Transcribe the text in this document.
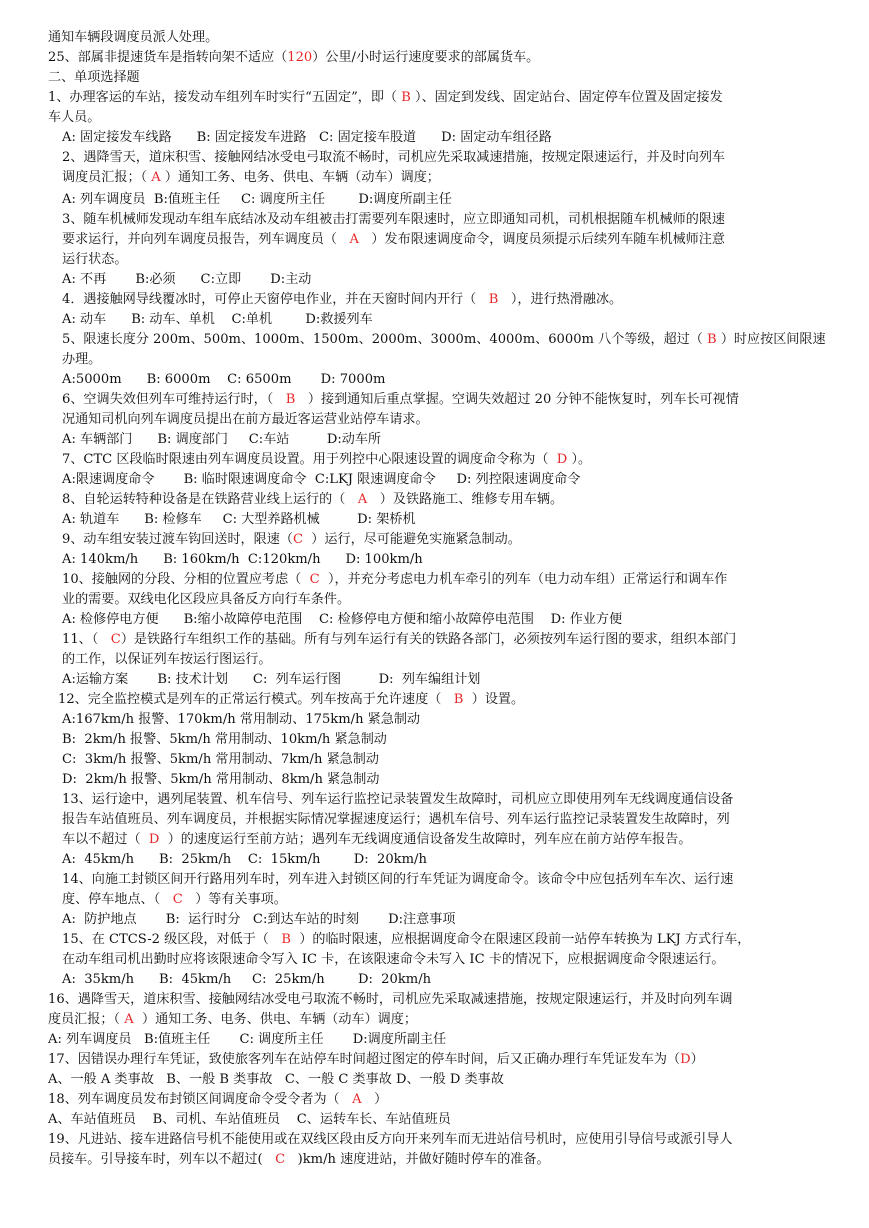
通知车辆段调度员派人处理。
25、部属非提速货车是指转向架不适应（120）公里/小时运行速度要求的部属货车。
二、单项选择题
1、办理客运的车站，接发动车组列车时实行“五固定”，即（ B ）、固定到发线、固定站台、固定停车位置及固定接发
车人员。
A: 固定接发车线路      B: 固定接发车进路   C: 固定接车股道      D: 固定动车组径路
2、遇降雪天，道床积雪、接触网结冰受电弓取流不畅时，司机应先采取减速措施，按规定限速运行，并及时向列车
调度员汇报；（ A ）通知工务、电务、供电、车辆（动车）调度；
A: 列车调度员  B:值班主任     C: 调度所主任        D:调度所副主任
3、随车机械师发现动车组车底结冰及动车组被击打需要列车限速时，应立即通知司机，司机根据随车机械师的限速
要求运行，并向列车调度员报告，列车调度员（   A   ）发布限速调度命令，调度员须提示后续列车随车机械师注意
运行状态。
A: 不再       B:必须      C:立即       D:主动
4．遇接触网导线覆冰时，可停止天窗停电作业，并在天窗时间内开行（   B   ），进行热滑融冰。
A: 动车      B: 动车、单机    C:单机        D:救援列车
5、限速长度分 200m、500m、1000m、1500m、2000m、3000m、4000m、6000m 八个等级，超过（ B ）时应按区间限速
办理。
A:5000m      B: 6000m    C: 6500m       D: 7000m
6、空调失效但列车可维持运行时，（   B   ）接到通知后重点掌握。空调失效超过 20 分钟不能恢复时，列车长可视情
况通知司机向列车调度员提出在前方最近客运营业站停车请求。
A: 车辆部门      B: 调度部门     C:车站         D:动车所
7、CTC 区段临时限速由列车调度员设置。用于列控中心限速设置的调度命令称为（  D ）。
A:限速调度命令       B: 临时限速调度命令  C:LKJ 限速调度命令     D: 列控限速调度命令
8、自轮运转特种设备是在铁路营业线上运行的（   A   ）及铁路施工、维修专用车辆。
A: 轨道车      B: 检修车     C: 大型养路机械         D: 架桥机
9、动车组安装过渡车钩回送时，限速（C  ）运行，尽可能避免实施紧急制动。
A: 140km/h      B: 160km/h  C:120km/h      D: 100km/h
10、接触网的分段、分相的位置应考虑（  C  ），并充分考虑电力机车牵引的列车（电力动车组）正常运行和调车作
业的需要。双线电化区段应具备反方向行车条件。
A: 检修停电方便      B:缩小故障停电范围    C: 检修停电方便和缩小故障停电范围    D: 作业方便
11、（   C）是铁路行车组织工作的基础。所有与列车运行有关的铁路各部门，必须按列车运行图的要求，组织本部门
的工作，以保证列车按运行图运行。
A:运输方案       B: 技术计划      C:  列车运行图         D:  列车编组计划
12、完全监控模式是列车的正常运行模式。列车按高于允许速度（   B  ）设置。
A:167km/h 报警、170km/h 常用制动、175km/h 紧急制动
B:  2km/h 报警、5km/h 常用制动、10km/h 紧急制动
C:  3km/h 报警、5km/h 常用制动、7km/h 紧急制动
D:  2km/h 报警、5km/h 常用制动、8km/h 紧急制动
13、运行途中，遇列尾装置、机车信号、列车运行监控记录装置发生故障时，司机应立即使用列车无线调度通信设备
报告车站值班员、列车调度员，并根据实际情况掌握速度运行；遇机车信号、列车运行监控记录装置发生故障时，列
车以不超过（  D  ）的速度运行至前方站；遇列车无线调度通信设备发生故障时，列车应在前方站停车报告。
A:  45km/h      B:  25km/h    C:  15km/h        D:  20km/h
14、向施工封锁区间开行路用列车时，列车进入封锁区间的行车凭证为调度命令。该命令中应包括列车车次、运行速
度、停车地点、（   C   ）等有关事项。
A:  防护地点       B:  运行时分   C:到达车站的时刻       D:注意事项
15、在 CTCS-2 级区段，对低于（   B  ）的临时限速，应根据调度命令在限速区段前一站停车转换为 LKJ 方式行车，
在动车组司机出勤时应将该限速命令写入 IC 卡，在该限速命令未写入 IC 卡的情况下，应根据调度命令限速运行。
A:  35km/h      B:  45km/h     C:  25km/h        D:  20km/h
16、遇降雪天，道床积雪、接触网结冰受电弓取流不畅时，司机应先采取减速措施，按规定限速运行，并及时向列车调
度员汇报；（ A  ）通知工务、电务、供电、车辆（动车）调度；
A: 列车调度员   B:值班主任       C: 调度所主任       D:调度所副主任
17、因错误办理行车凭证，致使旅客列车在站停车时间超过图定的停车时间，后又正确办理行车凭证发车为（D）
A、一般 A 类事故   B、一般 B 类事故   C、一般 C 类事故 D、一般 D 类事故
18、列车调度员发布封锁区间调度命令受令者为（   A   ）
A、车站值班员    B、司机、车站值班员    C、运转车长、车站值班员
19、凡进站、接车进路信号机不能使用或在双线区段由反方向开来列车而无进站信号机时，应使用引导信号或派引导人
员接车。引导接车时，列车以不超过(   C   )km/h 速度进站，并做好随时停车的准备。
